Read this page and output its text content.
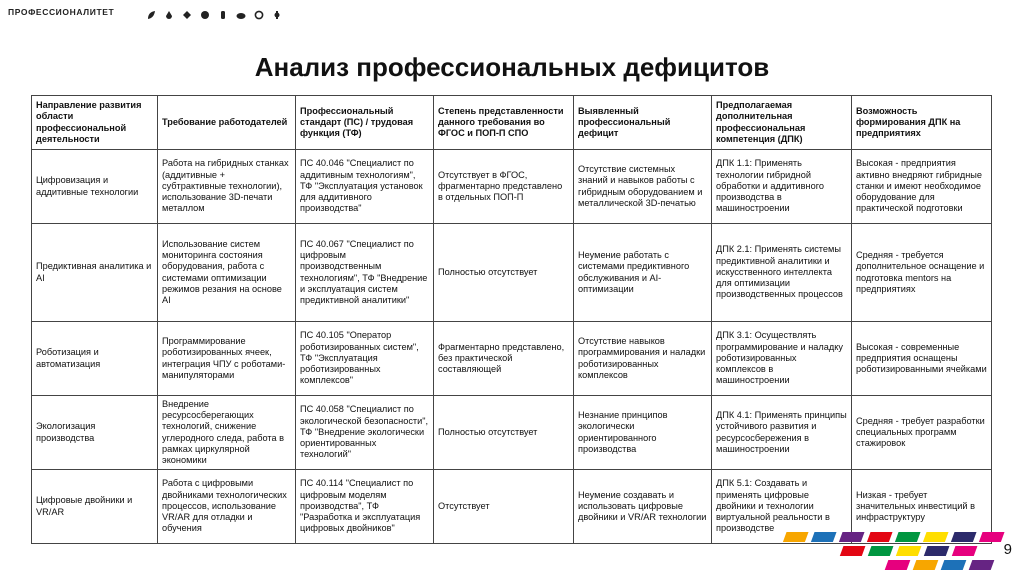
ПРОФЕССИОНАЛИТЕТ
Анализ профессиональных дефицитов
Направление развития области профессиональной деятельности	Требование работодателей	Профессиональный стандарт (ПС) / трудовая функция (ТФ)	Степень представленности данного требования во ФГОС и ПОП-П СПО	Выявленный профессиональный дефицит	Предполагаемая дополнительная профессиональная компетенция (ДПК)	Возможность формирования ДПК на предприятиях
Цифровизация и аддитивные технологии	Работа на гибридных станках (аддитивные + субтрактивные технологии), использование 3D-печати металлом	ПС 40.046 "Специалист по аддитивным технологиям", ТФ "Эксплуатация установок для аддитивного производства"	Отсутствует в ФГОС, фрагментарно представлено в отдельных ПОП-П	Отсутствие системных знаний и навыков работы с гибридным оборудованием и металлической 3D-печатью	ДПК 1.1: Применять технологии гибридной обработки и аддитивного производства в машиностроении	Высокая - предприятия активно внедряют гибридные станки и имеют необходимое оборудование для практической подготовки
Предиктивная аналитика и AI	Использование систем мониторинга состояния оборудования, работа с системами оптимизации режимов резания на основе AI	ПС 40.067 "Специалист по цифровым производственным технологиям", ТФ "Внедрение и эксплуатация систем предиктивной аналитики"	Полностью отсутствует	Неумение работать с системами предиктивного обслуживания и AI-оптимизации	ДПК 2.1: Применять системы предиктивной аналитики и искусственного интеллекта для оптимизации производственных процессов	Средняя - требуется дополнительное оснащение и подготовка mentors на предприятиях
Роботизация и автоматизация	Программирование роботизированных ячеек, интеграция ЧПУ с роботами-манипуляторами	ПС 40.105 "Оператор роботизированных систем", ТФ "Эксплуатация роботизированных комплексов"	Фрагментарно представлено, без практической составляющей	Отсутствие навыков программирования и наладки роботизированных комплексов	ДПК 3.1: Осуществлять программирование и наладку роботизированных комплексов в машиностроении	Высокая - современные предприятия оснащены роботизированными ячейками
Экологизация производства	Внедрение ресурсосберегающих технологий, снижение углеродного следа, работа в рамках циркулярной экономики	ПС 40.058 "Специалист по экологической безопасности", ТФ "Внедрение экологически ориентированных технологий"	Полностью отсутствует	Незнание принципов экологически ориентированного производства	ДПК 4.1: Применять принципы устойчивого развития и ресурсосбережения в машиностроении	Средняя - требует разработки специальных программ стажировок
Цифровые двойники и VR/AR	Работа с цифровыми двойниками технологических процессов, использование VR/AR для отладки и обучения	ПС 40.114 "Специалист по цифровым моделям производства", ТФ "Разработка и эксплуатация цифровых двойников"	Отсутствует	Неумение создавать и использовать цифровые двойники и VR/AR технологии	ДПК 5.1: Создавать и применять цифровые двойники и технологии виртуальной реальности в производстве	Низкая - требует значительных инвестиций в инфраструктуру
9
